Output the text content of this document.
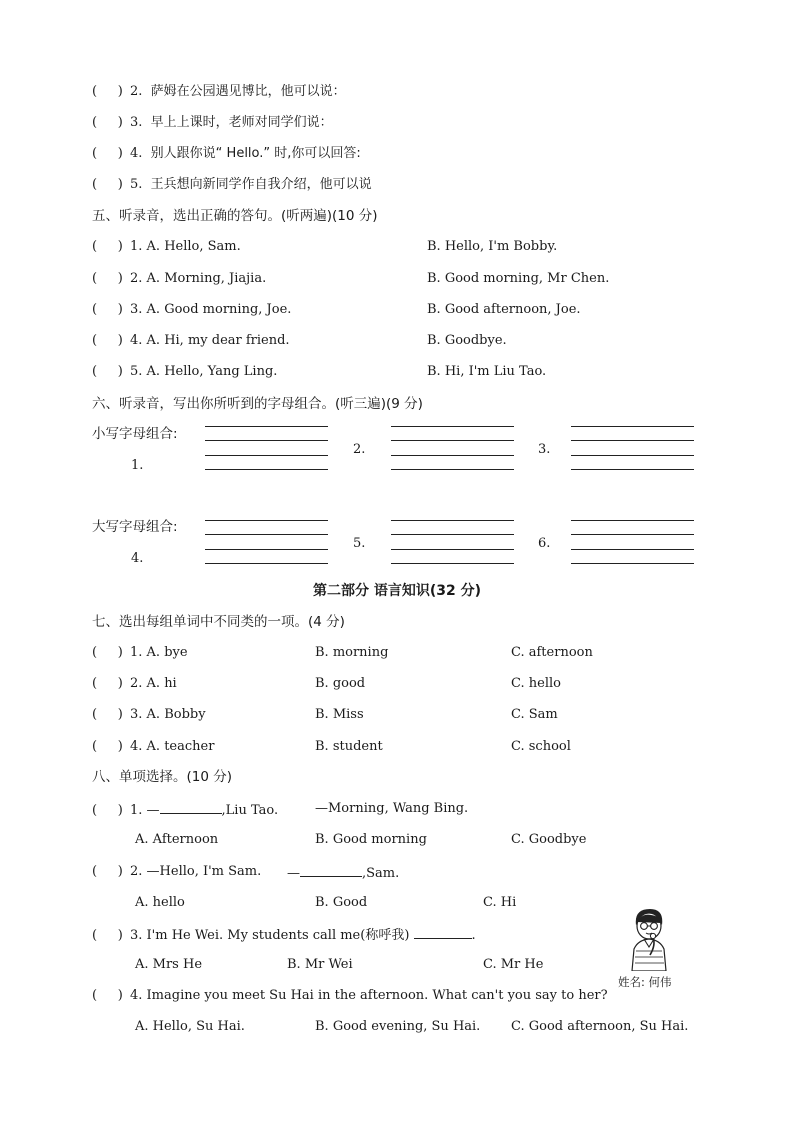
( ) 2. 萨姆在公园遇见博比，他可以说：
( ) 3. 早上上课时，老师对同学们说：
( ) 4. 别人跟你说“ Hello.” 时,你可以回答:
( ) 5. 王兵想向新同学作自我介绍，他可以说
五、听录音，选出正确的答句。(听两遍)(10 分)
( ) 1. A. Hello, Sam.	B. Hello, I'm Bobby.
( ) 2. A. Morning, Jiajia.	B. Good morning, Mr Chen.
( ) 3. A. Good morning, Joe.	B. Good afternoon, Joe.
( ) 4. A. Hi, my dear friend.	B. Goodbye.
( ) 5. A. Hello, Yang Ling.	B. Hi, I'm Liu Tao.
六、听录音，写出你所听到的字母组合。(听三遍)(9 分)
小写字母组合:
1.
2.	3.
大写字母组合:
4.
5.	6.
第二部分 语言知识(32 分)
七、选出每组单词中不同类的一项。(4 分)
( ) 1. A. bye	B. morning	C. afternoon
( ) 2. A. hi	B. good	C. hello
( ) 3. A. Bobby	B. Miss	C. Sam
( ) 4. A. teacher	B. student	C. school
八、单项选择。(10 分)
( ) 1. —	,Liu Tao.	—Morning, Wang Bing.
A. Afternoon	B. Good morning	C. Goodbye
( ) 2. —Hello, I'm Sam. —	,Sam.
A. hello	B. Good	C. Hi
( ) 3. I'm He Wei. My students call me(称呼我)	.
A. Mrs He	B. Mr Wei	C. Mr He
姓名: 何伟
( ) 4. Imagine you meet Su Hai in the afternoon. What can't you say to her?
A. Hello, Su Hai.	B. Good evening, Su Hai. C. Good afternoon, Su Hai.
